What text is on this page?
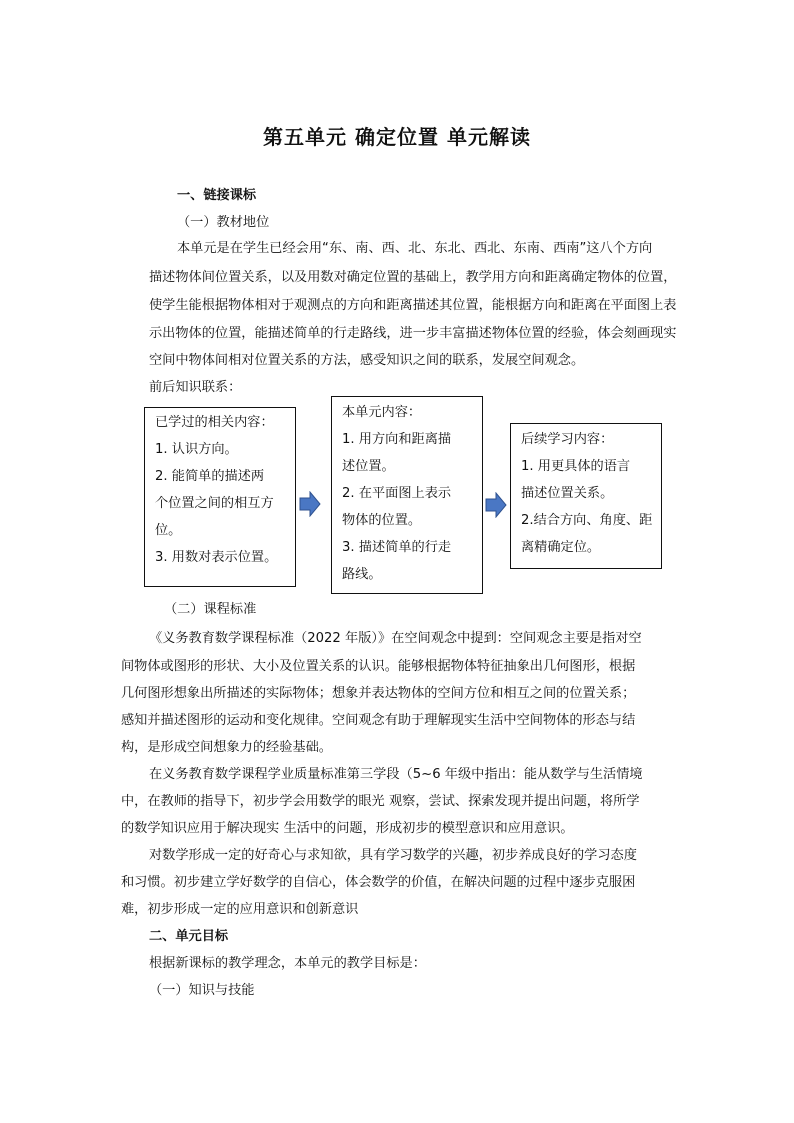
第五单元 确定位置 单元解读
一、链接课标
（一）教材地位
本单元是在学生已经会用“东、南、西、北、东北、西北、东南、西南”这八个方向
描述物体间位置关系，以及用数对确定位置的基础上，教学用方向和距离确定物体的位置，
使学生能根据物体相对于观测点的方向和距离描述其位置，能根据方向和距离在平面图上表
示出物体的位置，能描述简单的行走路线，进一步丰富描述物体位置的经验，体会刻画现实
空间中物体间相对位置关系的方法，感受知识之间的联系，发展空间观念。
前后知识联系：
已学过的相关内容：
1. 认识方向。
2. 能简单的描述两
个位置之间的相互方
位。
3. 用数对表示位置。
本单元内容：
1. 用方向和距离描
述位置。
2. 在平面图上表示
物体的位置。
3. 描述简单的行走
路线。
后续学习内容：
1. 用更具体的语言
描述位置关系。
2.结合方向、角度、距
离精确定位。
（二）课程标准
《义务教育数学课程标准（2022 年版）》在空间观念中提到：空间观念主要是指对空
间物体或图形的形状、大小及位置关系的认识。能够根据物体特征抽象出几何图形，根据
几何图形想象出所描述的实际物体；想象并表达物体的空间方位和相互之间的位置关系；
感知并描述图形的运动和变化规律。空间观念有助于理解现实生活中空间物体的形态与结
构，是形成空间想象力的经验基础。
在义务教育数学课程学业质量标准第三学段（5~6 年级中指出：能从数学与生活情境
中，在教师的指导下，初步学会用数学的眼光 观察，尝试、探索发现并提出问题，将所学
的数学知识应用于解决现实 生活中的问题，形成初步的模型意识和应用意识。
对数学形成一定的好奇心与求知欲，具有学习数学的兴趣，初步养成良好的学习态度
和习惯。初步建立学好数学的自信心，体会数学的价值，在解决问题的过程中逐步克服困
难，初步形成一定的应用意识和创新意识
二、单元目标
根据新课标的教学理念，本单元的教学目标是：
（一）知识与技能
